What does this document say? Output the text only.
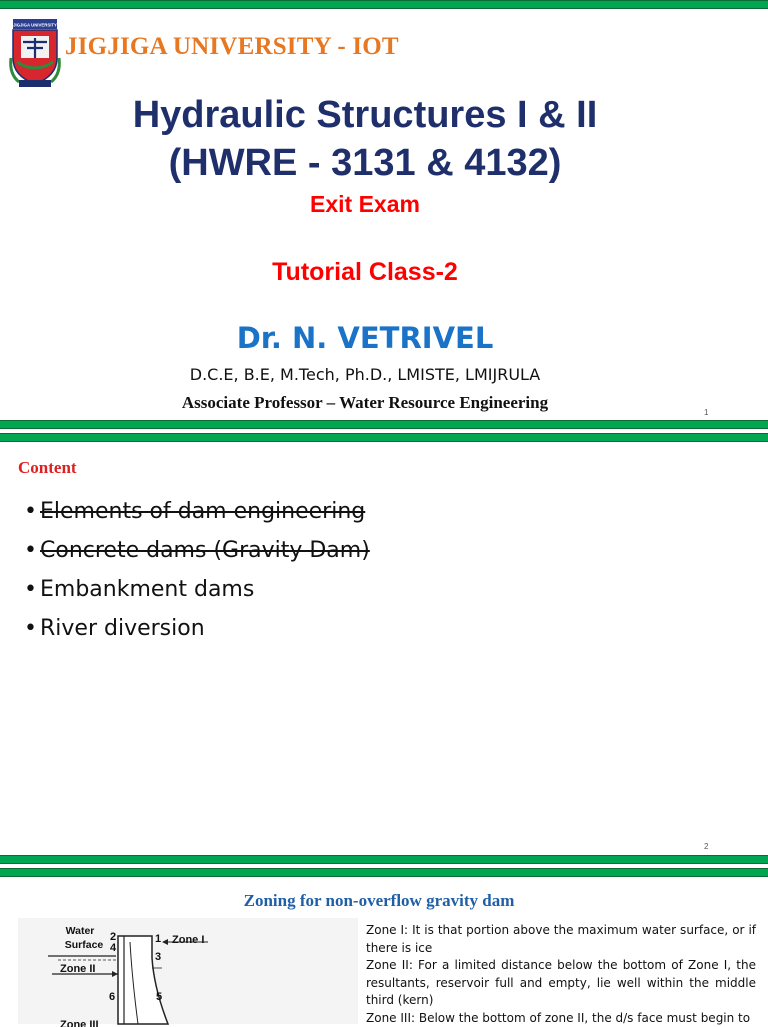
JIGJIGA UNIVERSITY
JIGJIGA UNIVERSITY - IOT
Hydraulic Structures I & II
(HWRE - 3131 & 4132)
Exit Exam
Tutorial Class-2
Dr. N. VETRIVEL
D.C.E, B.E, M.Tech, Ph.D., LMISTE, LMIJRULA
Associate Professor – Water Resource Engineering
1
Content
• Elements of dam engineering
• Concrete dams (Gravity Dam)
• Embankment dams
• River diversion
2
Zoning for non-overflow gravity dam
Water
Surface
2
4
1
3
6	5
Zone I
Zone II
Zone III

Zone I: It is that portion above the maximum water surface, or if there is ice

Zone II: For a limited distance below the bottom of Zone I, the resultants, reservoir full and empty, lie well within the middle third (kern)

Zone III: Below the bottom of zone II, the d/s face must begin to
